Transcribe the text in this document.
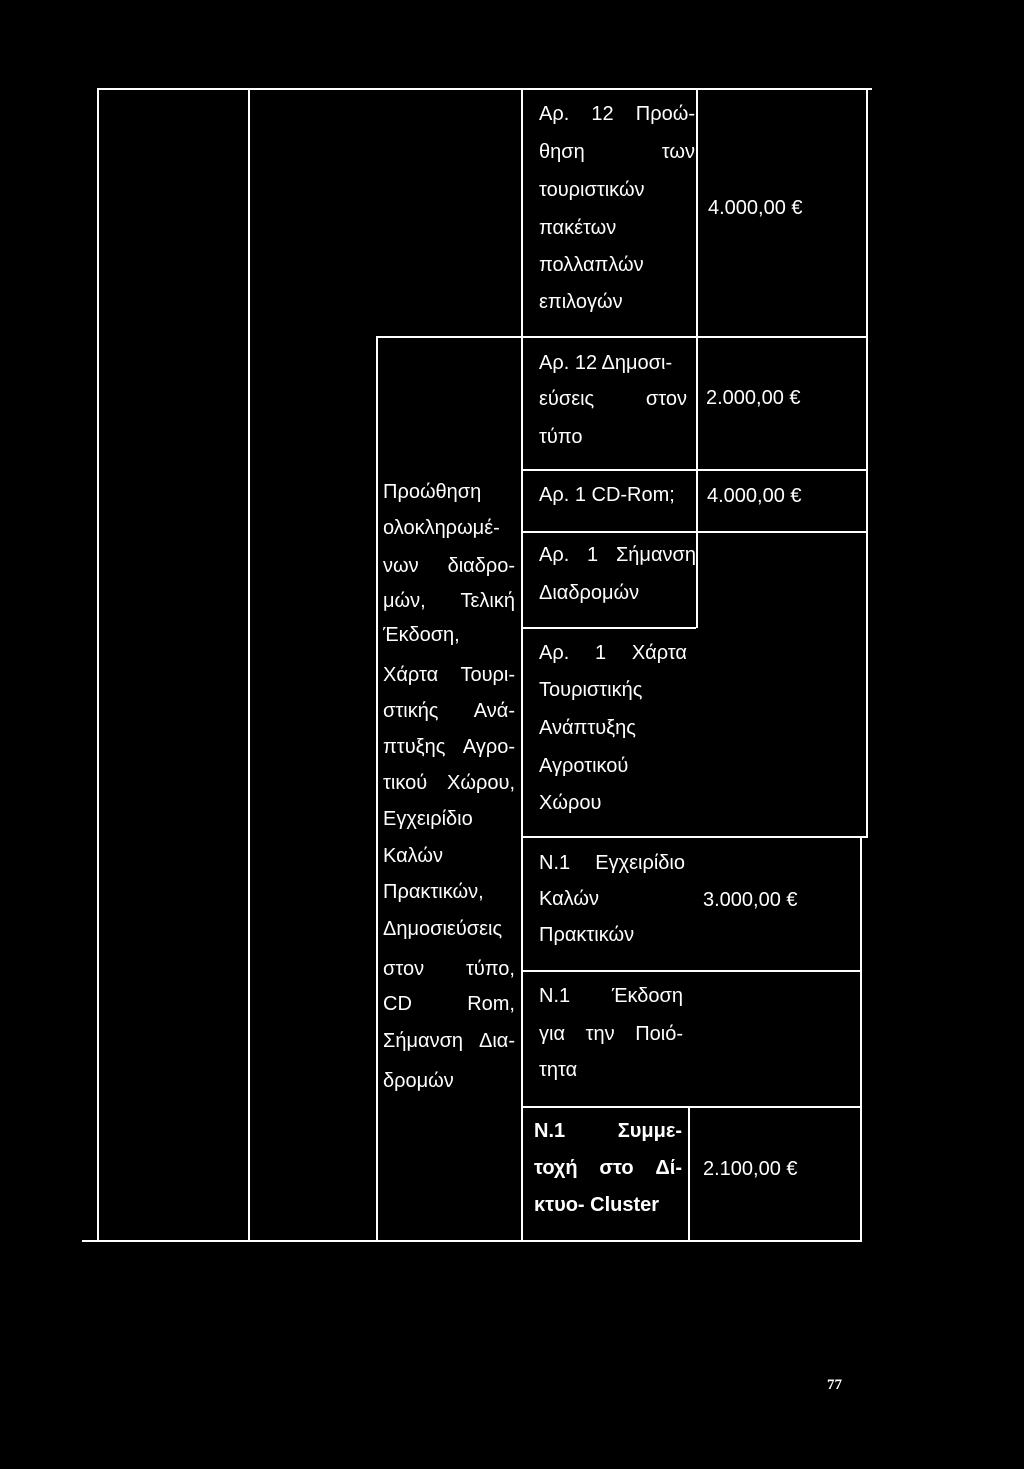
Αρ. 12 Προώ-
θηση	των
τουριστικών
πακέτων
πολλαπλών
επιλογών
4.000,00 €
Αρ. 12 Δημοσι-
εύσεις	στον
τύπο
2.000,00 €
Προώθηση
ολοκληρωμέ-
νων διαδρο-
μών, Τελική
Έκδοση,
Χάρτα Τουρι-
στικής Ανά-
πτυξης Αγρο-
τικού Χώρου,
Εγχειρίδιο
Καλών
Πρακτικών,
Δημοσιεύσεις
στον τύπο,
CD	Rom,
Σήμανση Δια-
δρομών
Αρ. 1 CD-Rom; 4.000,00 €
Αρ. 1 Σήμανση
Διαδρομών
Αρ. 1 Χάρτα
Τουριστικής
Ανάπτυξης
Αγροτικού
Χώρου
Ν.1 Εγχειρίδιο
Καλών
Πρακτικών
3.000,00 €
Ν.1 Έκδοση
για την Ποιό-
τητα
Ν.1	Συμμε-
τοχή στο Δί-
κτυο- Cluster
2.100,00 €
77
